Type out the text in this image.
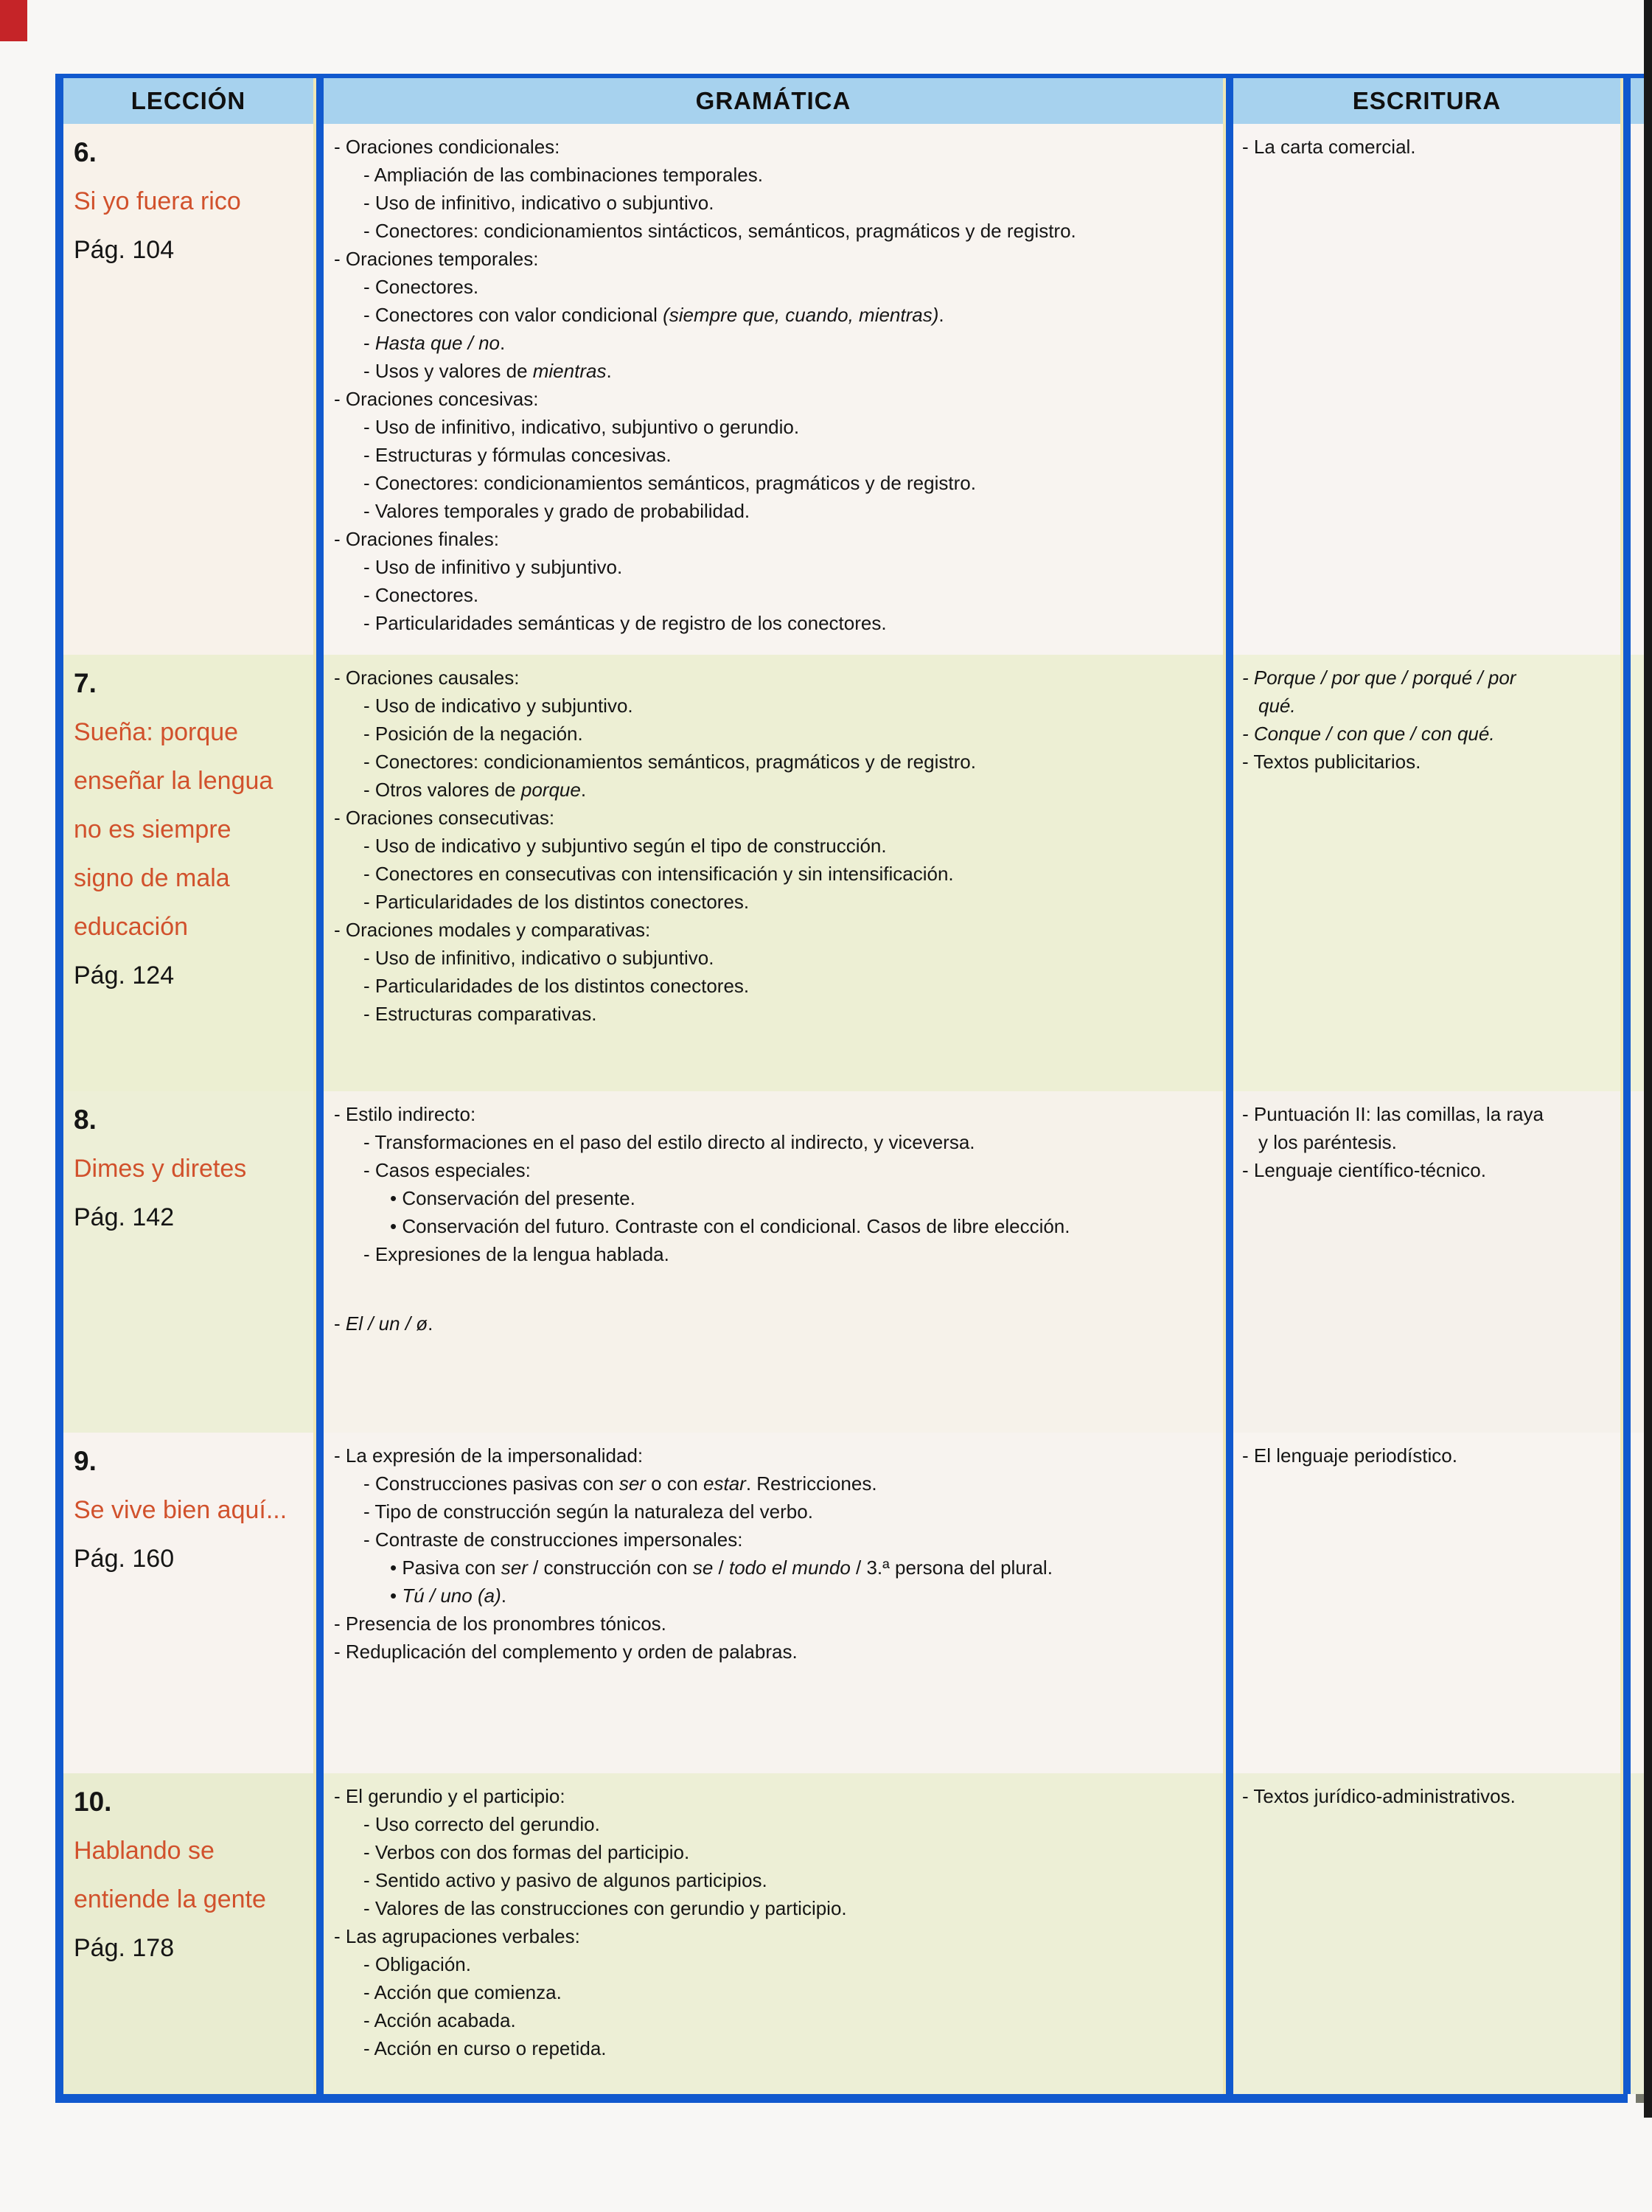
LECCIÓN	GRAMÁTICA	ESCRITURA
6.
Si yo fuera rico
Pág. 104
- Oraciones condicionales:
- Ampliación de las combinaciones temporales.
- Uso de infinitivo, indicativo o subjuntivo.
- Conectores: condicionamientos sintácticos, semánticos, pragmáticos y de registro.
- Oraciones temporales:
- Conectores.
- Conectores con valor condicional (siempre que, cuando, mientras).
- Hasta que / no.
- Usos y valores de mientras.
- Oraciones concesivas:
- Uso de infinitivo, indicativo, subjuntivo o gerundio.
- Estructuras y fórmulas concesivas.
- Conectores: condicionamientos semánticos, pragmáticos y de registro.
- Valores temporales y grado de probabilidad.
- Oraciones finales:
- Uso de infinitivo y subjuntivo.
- Conectores.
- Particularidades semánticas y de registro de los conectores.
- La carta comercial.
7.
Sueña: porque
enseñar la lengua
no es siempre
signo de mala
educación
Pág. 124
- Oraciones causales:
- Uso de indicativo y subjuntivo.
- Posición de la negación.
- Conectores: condicionamientos semánticos, pragmáticos y de registro.
- Otros valores de porque.
- Oraciones consecutivas:
- Uso de indicativo y subjuntivo según el tipo de construcción.
- Conectores en consecutivas con intensificación y sin intensificación.
- Particularidades de los distintos conectores.
- Oraciones modales y comparativas:
- Uso de infinitivo, indicativo o subjuntivo.
- Particularidades de los distintos conectores.
- Estructuras comparativas.
- Porque / por que / porqué / por
qué.
- Conque / con que / con qué.
- Textos publicitarios.
8.
Dimes y diretes
Pág. 142
- Estilo indirecto:
- Transformaciones en el paso del estilo directo al indirecto, y viceversa.
- Casos especiales:
• Conservación del presente.
• Conservación del futuro. Contraste con el condicional. Casos de libre elección.
- Expresiones de la lengua hablada.
- El / un / ø.
- Puntuación II: las comillas, la raya
y los paréntesis.
- Lenguaje científico-técnico.
9.
Se vive bien aquí...
Pág. 160
- La expresión de la impersonalidad:
- Construcciones pasivas con ser o con estar. Restricciones.
- Tipo de construcción según la naturaleza del verbo.
- Contraste de construcciones impersonales:
• Pasiva con ser / construcción con se / todo el mundo / 3.ª persona del plural.
• Tú / uno (a).
- Presencia de los pronombres tónicos.
- Reduplicación del complemento y orden de palabras.
- El lenguaje periodístico.
10.
Hablando se
entiende la gente
Pág. 178
- El gerundio y el participio:
- Uso correcto del gerundio.
- Verbos con dos formas del participio.
- Sentido activo y pasivo de algunos participios.
- Valores de las construcciones con gerundio y participio.
- Las agrupaciones verbales:
- Obligación.
- Acción que comienza.
- Acción acabada.
- Acción en curso o repetida.
- Textos jurídico-administrativos.
